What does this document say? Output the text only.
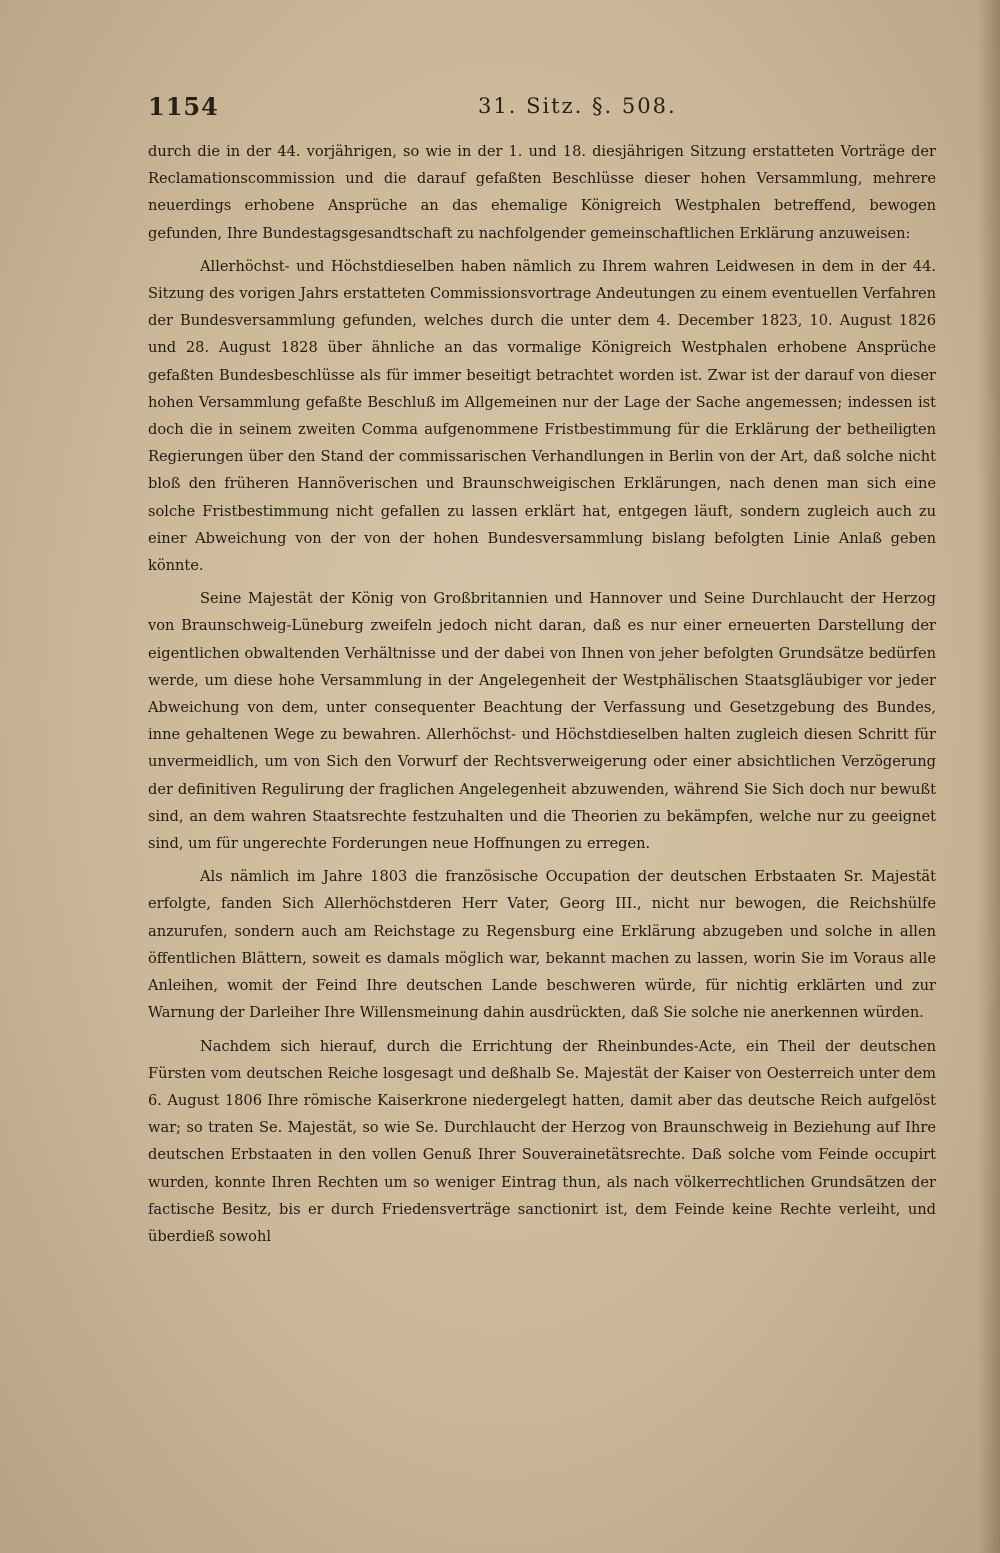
1154	31. Sitz. §. 508.

durch die in der 44. vorjährigen, so wie in der 1. und 18. diesjährigen Sitzung erstatteten Vorträge der Reclamationscommission und die darauf gefaßten Beschlüsse dieser hohen Versammlung, mehrere neuerdings erhobene Ansprüche an das ehemalige Königreich Westphalen betreffend, bewogen gefunden, Ihre Bundestagsgesandtschaft zu nachfolgender gemeinschaftlichen Erklärung anzuweisen:

Allerhöchst- und Höchstdieselben haben nämlich zu Ihrem wahren Leidwesen in dem in der 44. Sitzung des vorigen Jahrs erstatteten Commissionsvortrage Andeutungen zu einem eventuellen Verfahren der Bundesversammlung gefunden, welches durch die unter dem 4. December 1823, 10. August 1826 und 28. August 1828 über ähnliche an das vormalige Königreich Westphalen erhobene Ansprüche gefaßten Bundesbeschlüsse als für immer beseitigt betrachtet worden ist. Zwar ist der darauf von dieser hohen Versammlung gefaßte Beschluß im Allgemeinen nur der Lage der Sache angemessen; indessen ist doch die in seinem zweiten Comma aufgenommene Fristbestimmung für die Erklärung der betheiligten Regierungen über den Stand der commissarischen Verhandlungen in Berlin von der Art, daß solche nicht bloß den früheren Hannöverischen und Braunschweigischen Erklärungen, nach denen man sich eine solche Fristbestimmung nicht gefallen zu lassen erklärt hat, entgegen läuft, sondern zugleich auch zu einer Abweichung von der von der hohen Bundesversammlung bislang befolgten Linie Anlaß geben könnte.

Seine Majestät der König von Großbritannien und Hannover und Seine Durchlaucht der Herzog von Braunschweig-Lüneburg zweifeln jedoch nicht daran, daß es nur einer erneuerten Darstellung der eigentlichen obwaltenden Verhältnisse und der dabei von Ihnen von jeher befolgten Grundsätze bedürfen werde, um diese hohe Versammlung in der Angelegenheit der Westphälischen Staatsgläubiger vor jeder Abweichung von dem, unter consequenter Beachtung der Verfassung und Gesetzgebung des Bundes, inne gehaltenen Wege zu bewahren. Allerhöchst- und Höchstdieselben halten zugleich diesen Schritt für unvermeidlich, um von Sich den Vorwurf der Rechtsverweigerung oder einer absichtlichen Verzögerung der definitiven Regulirung der fraglichen Angelegenheit abzuwenden, während Sie Sich doch nur bewußt sind, an dem wahren Staatsrechte festzuhalten und die Theorien zu bekämpfen, welche nur zu geeignet sind, um für ungerechte Forderungen neue Hoffnungen zu erregen.

Als nämlich im Jahre 1803 die französische Occupation der deutschen Erbstaaten Sr. Majestät erfolgte, fanden Sich Allerhöchstderen Herr Vater, Georg III., nicht nur bewogen, die Reichshülfe anzurufen, sondern auch am Reichstage zu Regensburg eine Erklärung abzugeben und solche in allen öffentlichen Blättern, soweit es damals möglich war, bekannt machen zu lassen, worin Sie im Voraus alle Anleihen, womit der Feind Ihre deutschen Lande beschweren würde, für nichtig erklärten und zur Warnung der Darleiher Ihre Willensmeinung dahin ausdrückten, daß Sie solche nie anerkennen würden.

Nachdem sich hierauf, durch die Errichtung der Rheinbundes-Acte, ein Theil der deutschen Fürsten vom deutschen Reiche losgesagt und deßhalb Se. Majestät der Kaiser von Oesterreich unter dem 6. August 1806 Ihre römische Kaiserkrone niedergelegt hatten, damit aber das deutsche Reich aufgelöst war; so traten Se. Majestät, so wie Se. Durchlaucht der Herzog von Braunschweig in Beziehung auf Ihre deutschen Erbstaaten in den vollen Genuß Ihrer Souverainetätsrechte. Daß solche vom Feinde occupirt wurden, konnte Ihren Rechten um so weniger Eintrag thun, als nach völkerrechtlichen Grundsätzen der factische Besitz, bis er durch Friedensverträge sanctionirt ist, dem Feinde keine Rechte verleiht, und überdieß sowohl
